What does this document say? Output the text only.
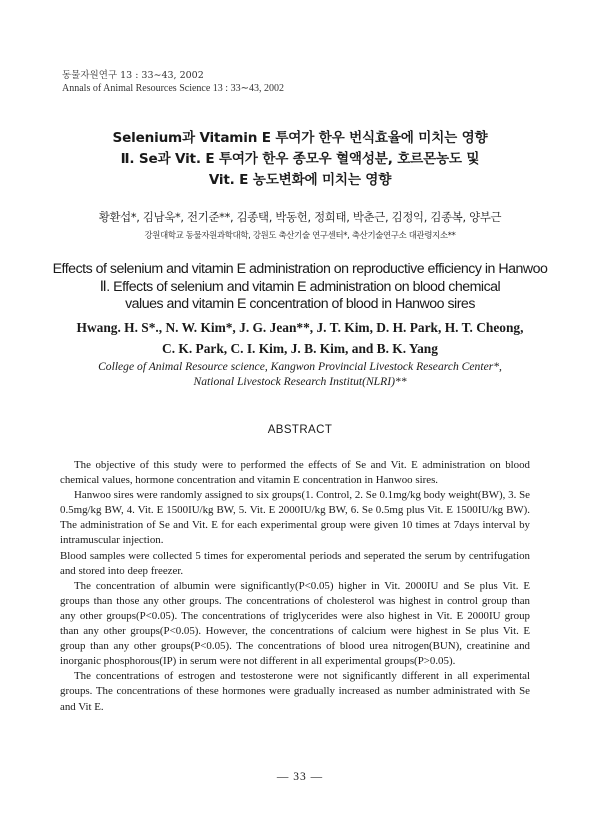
동물자원연구 13 : 33∼43, 2002
Annals of Animal Resources Science 13 : 33∼43, 2002
Selenium과 Vitamin E 투여가 한우 번식효율에 미치는 영향
Ⅱ. Se과 Vit. E 투여가 한우 종모우 혈액성분, 호르몬농도 및
Vit. E 농도변화에 미치는 영향
황환섭*, 김남욱*, 전기준**, 김종택, 박동헌, 정희태, 박춘근, 김정익, 김종복, 양부근
강원대학교 동물자원과학대학, 강원도 축산기술 연구센터*, 축산기술연구소 대관령지소**
Effects of selenium and vitamin E administration on reproductive efficiency in Hanwoo
Ⅱ. Effects of selenium and vitamin E administration on blood chemical
values and vitamin E concentration of blood in Hanwoo sires
Hwang. H. S*., N. W. Kim*, J. G. Jean**, J. T. Kim, D. H. Park, H. T. Cheong,
C. K. Park, C. I. Kim, J. B. Kim, and B. K. Yang
College of Animal Resource science, Kangwon Provincial Livestock Research Center*,
National Livestock Research Institut(NLRI)**
ABSTRACT

The objective of this study were to performed the effects of Se and Vit. E administration on blood chemical values, hormone concentration and vitamin E concentration in Hanwoo sires.

Hanwoo sires were randomly assigned to six groups(1. Control, 2. Se 0.1mg/kg body weight(BW), 3. Se 0.5mg/kg BW, 4. Vit. E 1500IU/kg BW, 5. Vit. E 2000IU/kg BW, 6. Se 0.5mg plus Vit. E 1500IU/kg BW). The administration of Se and Vit. E for each experimental group were given 10 times at 7days interval by intramuscular injection.

Blood samples were collected 5 times for experomental periods and seperated the serum by centrifugation and stored into deep freezer.

The concentration of albumin were significantly(P<0.05) higher in Vit. 2000IU and Se plus Vit. E groups than those any other groups. The concentrations of cholesterol was highest in control group than any other groups(P<0.05). The concentrations of triglycerides were also highest in Vit. E 2000IU group than any other groups(P<0.05). However, the concentrations of calcium were highest in Se plus Vit. E group than any other groups(P<0.05). The concentrations of blood urea nitrogen(BUN), creatinine and inorganic phosphorous(IP) in serum were not different in all experimental groups(P>0.05).

The concentrations of estrogen and testosterone were not significantly different in all experimental groups. The concentrations of these hormones were gradually increased as number administrated with Se and Vit E.

— 33 —
